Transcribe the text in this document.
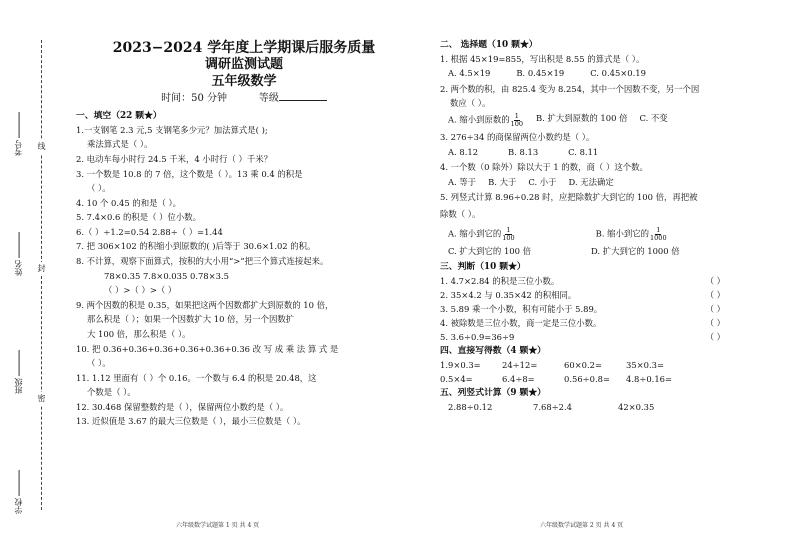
线
封
密
考号
姓名
班级
学校
2023−2024 学年度上学期课后服务质量
调研监测试题
五年级数学
时间：50 分钟	等级
一、填空（22 颗★）
1.一支钢笔 2.3 元,5 支钢笔多少元？加法算式是( );
乘法算式是（ ）。
2. 电动车每小时行 24.5 千米，4 小时行（ ）千米？
3. 一个数是 10.8 的 7 倍，这个数是（ ）。13 乘 0.4 的积是
（ ）。
4. 10 个 0.45 的和是（ ）。
5. 7.4×0.6 的积是（ ）位小数。
6.（ ）÷1.2=0.54 2.88÷（ ）=1.44
7. 把 306×102 的积缩小到原数的( )后等于 30.6×1.02 的积。
8. 不计算，观察下面算式，按积的大小用“>”把三个算式连接起来。
78×0.35 7.8×0.035 0.78×3.5
（ ）>（ ）>（ ）
9. 两个因数的积是 0.35，如果把这两个因数都扩大到原数的 10 倍，
那么积是（ ）；如果一个因数扩大 10 倍，另一个因数扩
大 100 倍，那么积是（ ）。
10. 把 0.36+0.36+0.36+0.36+0.36+0.36 改 写 成 乘 法 算 式 是
（ ）。
11. 1.12 里面有（ ）个 0.16。一个数与 6.4 的积是 20.48，这
个数是（ ）。
12. 30.468 保留整数约是（ ），保留两位小数约是（ ）。
13. 近似值是 3.67 的最大三位数是（ ），最小三位数是（ ）。
六年级数学试题第 1 页 共 4 页
二、 选择题（10 颗★）
1. 根据 45×19=855，写出积是 8.55 的算式是（ ）。
A. 4.5×19	B. 0.45×19	C. 0.45×0.19
2. 两个数的积，由 825.4 变为 8.254，其中一个因数不变，另一个因
数应（ ）。
A. 缩小到原数的 $\frac{1}{100} B$. 扩大到原数的 100 倍 C. 不变
3. 276÷34 的商保留两位小数约是（ ）。
A. 8.12	B. 8.13	C. 8.11
4. 一个数（0 除外）除以大于 1 的数，商（ ）这个数。
A. 等于 B. 大于 C. 小于 D. 无法确定
5. 列竖式计算 8.96÷0.28 时，应把除数扩大到它的 100 倍，再把被
除数（ ）。
A. 缩小到它的 $\frac{1}{100}$	B. 缩小到它的 $\frac{1}{1000}$
C. 扩大到它的 100 倍	D. 扩大到它的 1000 倍
三、判断（10 颗★）
1. 4.7×2.84 的积是三位小数。	（ ）
2. 35×4.2 与 0.35×42 的积相同。	（ ）
3. 5.89 乘一个小数，积有可能小于 5.89。	（ ）
4. 被除数是三位小数，商一定是三位小数。	（ ）
5. 3.6÷0.9=36÷9	（ ）
四、直接写得数（4 颗★）
1.9×0.3=	24÷12=	60×0.2=	35×0.3=
0.5×4=	6.4÷8=	0.56÷0.8=	4.8÷0.16=
五、列竖式计算（9 颗★）
2.88÷0.12	7.68÷2.4	42×0.35
六年级数学试题第 2 页 共 4 页
